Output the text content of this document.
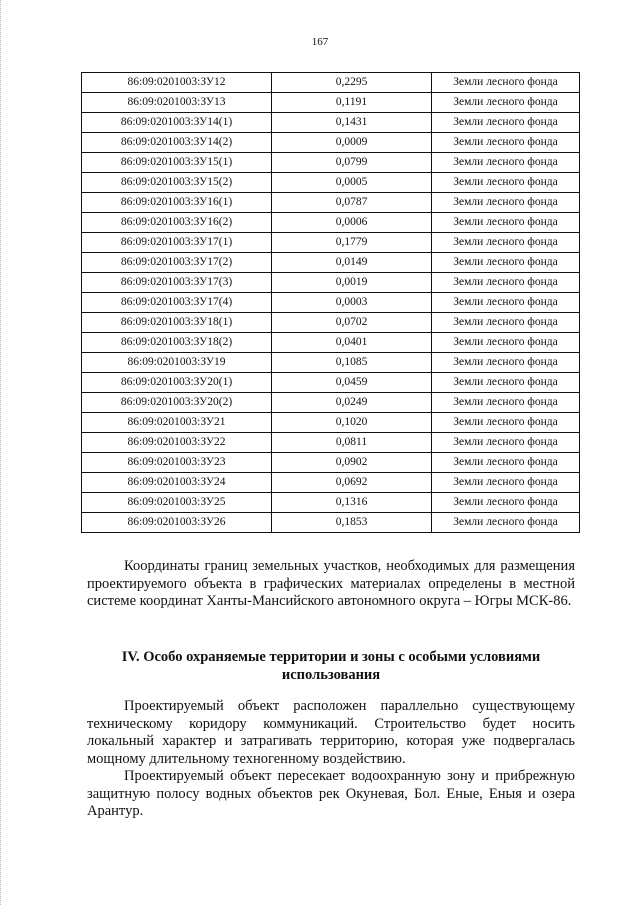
167
86:09:0201003:ЗУ12	0,2295	Земли лесного фонда
86:09:0201003:ЗУ13	0,1191	Земли лесного фонда
86:09:0201003:ЗУ14(1)	0,1431	Земли лесного фонда
86:09:0201003:ЗУ14(2)	0,0009	Земли лесного фонда
86:09:0201003:ЗУ15(1)	0,0799	Земли лесного фонда
86:09:0201003:ЗУ15(2)	0,0005	Земли лесного фонда
86:09:0201003:ЗУ16(1)	0,0787	Земли лесного фонда
86:09:0201003:ЗУ16(2)	0,0006	Земли лесного фонда
86:09:0201003:ЗУ17(1)	0,1779	Земли лесного фонда
86:09:0201003:ЗУ17(2)	0,0149	Земли лесного фонда
86:09:0201003:ЗУ17(3)	0,0019	Земли лесного фонда
86:09:0201003:ЗУ17(4)	0,0003	Земли лесного фонда
86:09:0201003:ЗУ18(1)	0,0702	Земли лесного фонда
86:09:0201003:ЗУ18(2)	0,0401	Земли лесного фонда
86:09:0201003:ЗУ19	0,1085	Земли лесного фонда
86:09:0201003:ЗУ20(1)	0,0459	Земли лесного фонда
86:09:0201003:ЗУ20(2)	0,0249	Земли лесного фонда
86:09:0201003:ЗУ21	0,1020	Земли лесного фонда
86:09:0201003:ЗУ22	0,0811	Земли лесного фонда
86:09:0201003:ЗУ23	0,0902	Земли лесного фонда
86:09:0201003:ЗУ24	0,0692	Земли лесного фонда
86:09:0201003:ЗУ25	0,1316	Земли лесного фонда
86:09:0201003:ЗУ26	0,1853	Земли лесного фонда

Координаты границ земельных участков, необходимых для размещения проектируемого объекта в графических материалах определены в местной системе координат Ханты-Мансийского автономного округа – Югры МСК-86.

IV. Особо охраняемые территории и зоны с особыми условиями использования

Проектируемый объект расположен параллельно существующему техническому коридору коммуникаций. Строительство будет носить локальный характер и затрагивать территорию, которая уже подвергалась мощному длительному техногенному воздействию.

Проектируемый объект пересекает водоохранную зону и прибрежную защитную полосу водных объектов рек Окуневая, Бол. Еные, Еныя и озера Арантур.
